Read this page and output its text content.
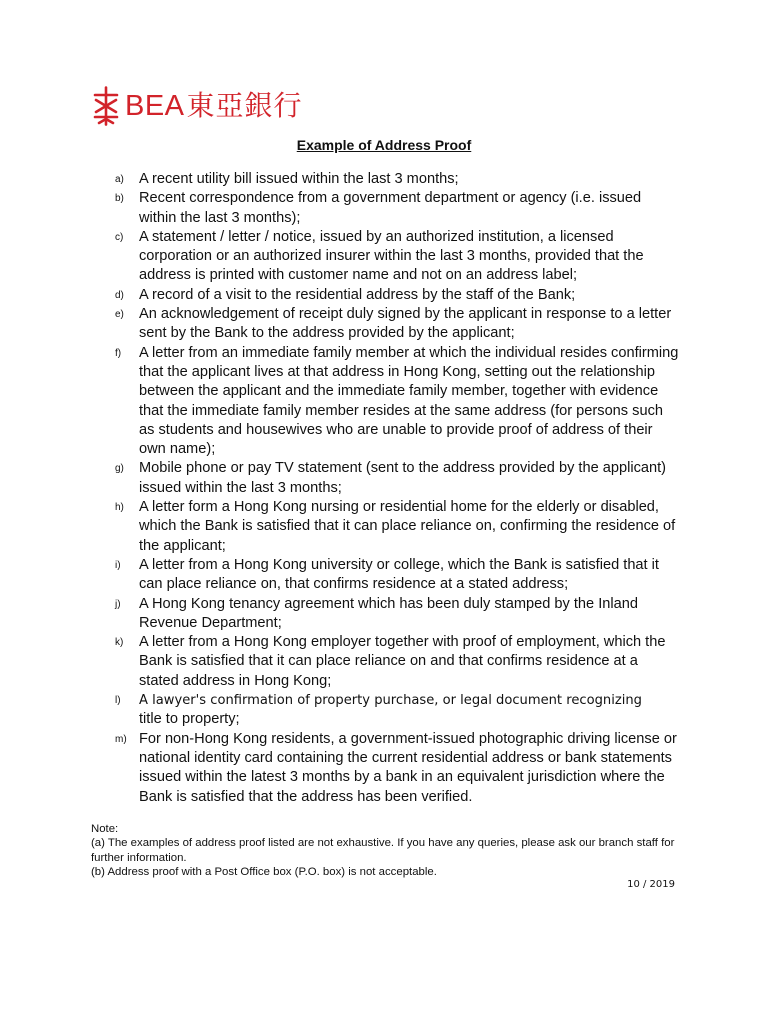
BEA 東亞銀行
Example of Address Proof
a)	A recent utility bill issued within the last 3 months;
b)	Recent correspondence from a government department or agency (i.e. issued within the last 3 months);
c)	A statement / letter / notice, issued by an authorized institution, a licensed corporation or an authorized insurer within the last 3 months, provided that the address is printed with customer name and not on an address label;
d)	A record of a visit to the residential address by the staff of the Bank;
e)	An acknowledgement of receipt duly signed by the applicant in response to a letter sent by the Bank to the address provided by the applicant;
f)	A letter from an immediate family member at which the individual resides confirming that the applicant lives at that address in Hong Kong, setting out the relationship between the applicant and the immediate family member, together with evidence that the immediate family member resides at the same address (for persons such as students and housewives who are unable to provide proof of address of their own name);
g)	Mobile phone or pay TV statement (sent to the address provided by the applicant) issued within the last 3 months;
h)	A letter form a Hong Kong nursing or residential home for the elderly or disabled, which the Bank is satisfied that it can place reliance on, confirming the residence of the applicant;
i)	A letter from a Hong Kong university or college, which the Bank is satisfied that it can place reliance on, that confirms residence at a stated address;
j)	A Hong Kong tenancy agreement which has been duly stamped by the Inland Revenue Department;
k)	A letter from a Hong Kong employer together with proof of employment, which the Bank is satisfied that it can place reliance on and that confirms residence at a stated address in Hong Kong;
l)	A lawyer's confirmation of property purchase, or legal document recognizing
title to property;
m) For non-Hong Kong residents, a government-issued photographic driving license or national identity card containing the current residential address or bank statements issued within the latest 3 months by a bank in an equivalent jurisdiction where the Bank is satisfied that the address has been verified.
Note:
(a) The examples of address proof listed are not exhaustive. If you have any queries, please ask our branch staff for further information.
(b) Address proof with a Post Office box (P.O. box) is not acceptable.
10 / 2019
